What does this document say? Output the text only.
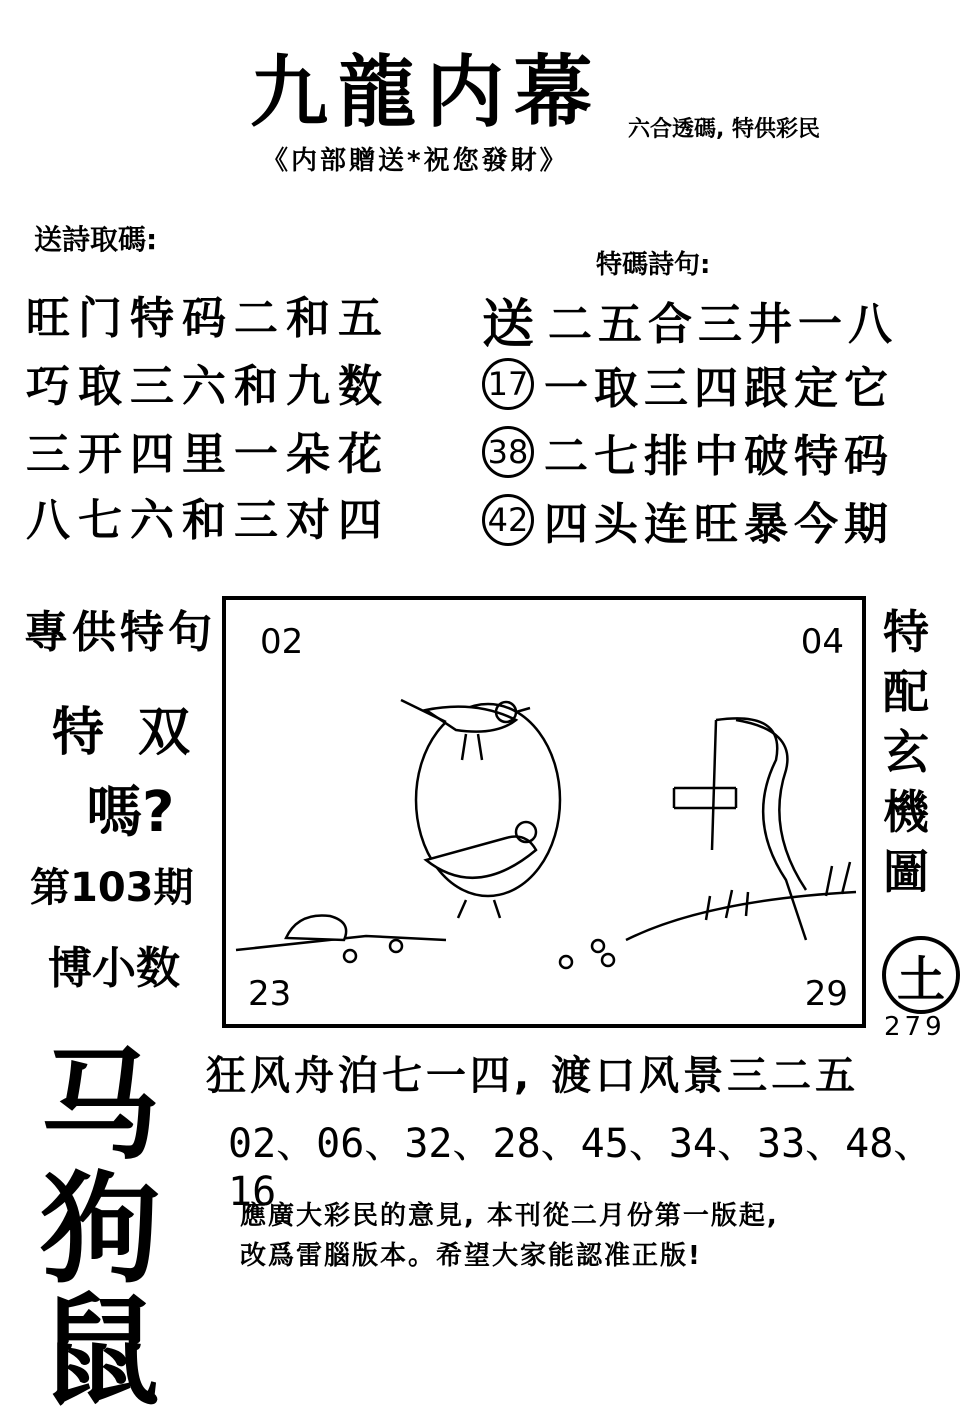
九龍内幕 六合透碼, 特供彩民
《内部贈送*祝您發財》
送詩取碼:
旺门特码二和五
巧取三六和九数
三开四里一朵花
八七六和三对四
特碼詩句:
送 二五合三井一八
17 一取三四跟定它
38 二七排中破特码
42 四头连旺暴今期
專供特句
特 双
嗎?
第103期
博小数
02	04
23	29
特
配
玄
機
圖
土
279
马
狗
鼠
狂风舟泊七一四, 渡口风景三二五
02、06、32、28、45、34、33、48、16
應廣大彩民的意見, 本刊從二月份第一版起,
改爲雷腦版本。希望大家能認准正版!
